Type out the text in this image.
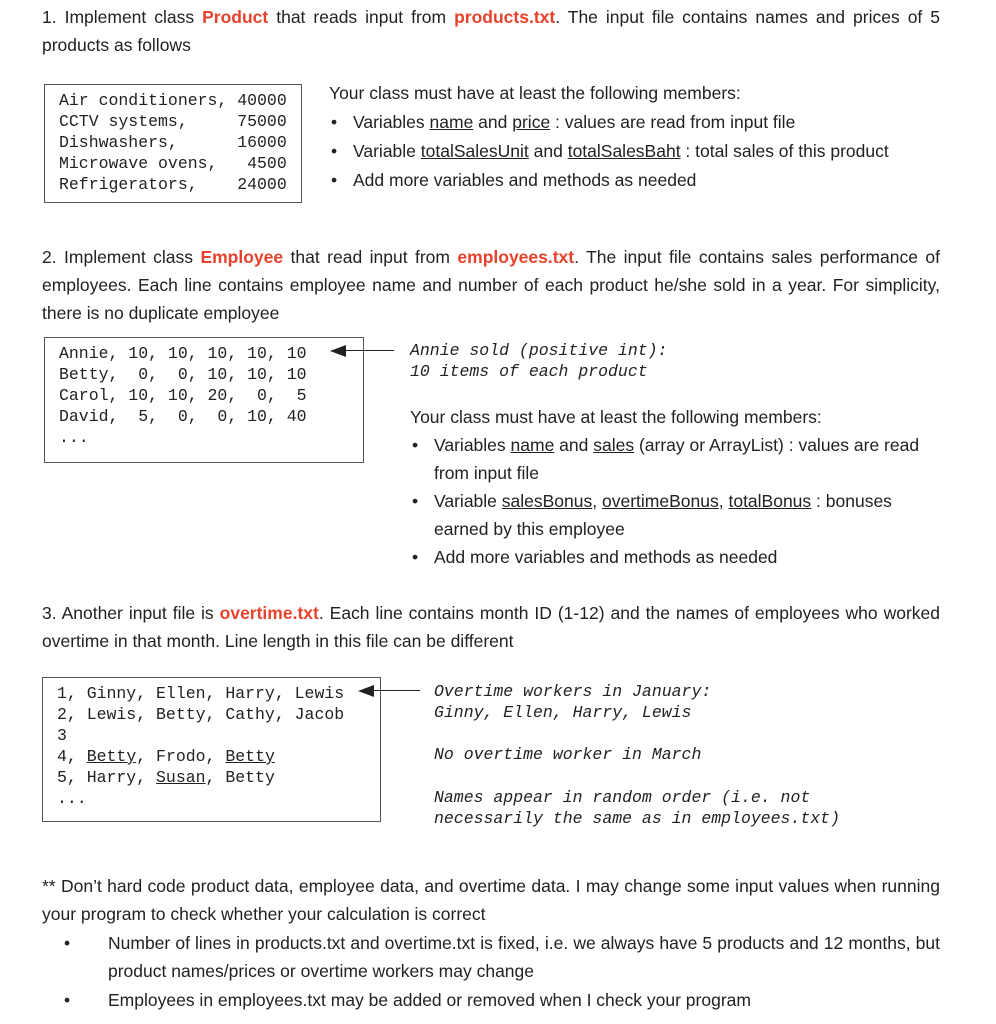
1. Implement class Product that reads input from products.txt. The input file contains names and prices of 5 products as follows
Air conditioners, 40000
CCTV systems,     75000
Dishwashers,      16000
Microwave ovens,   4500
Refrigerators,    24000
Your class must have at least the following members:
• Variables name and price : values are read from input file
• Variable totalSalesUnit and totalSalesBaht : total sales of this product
• Add more variables and methods as needed
2. Implement class Employee that read input from employees.txt. The input file contains sales performance of employees. Each line contains employee name and number of each product he/she sold in a year. For simplicity, there is no duplicate employee
Annie, 10, 10, 10, 10, 10
Betty,  0,  0, 10, 10, 10
Carol, 10, 10, 20,  0,  5
David,  5,  0,  0, 10, 40
...
Annie sold (positive int):
10 items of each product
Your class must have at least the following members:
• Variables name and sales (array or ArrayList) : values are read from input file
• Variable salesBonus, overtimeBonus, totalBonus : bonuses earned by this employee
• Add more variables and methods as needed
3. Another input file is overtime.txt. Each line contains month ID (1-12) and the names of employees who worked overtime in that month. Line length in this file can be different
1, Ginny, Ellen, Harry, Lewis
2, Lewis, Betty, Cathy, Jacob
3
4, Betty, Frodo, Betty
5, Harry, Susan, Betty
...
Overtime workers in January:
Ginny, Ellen, Harry, Lewis
No overtime worker in March
Names appear in random order (i.e. not
necessarily the same as in employees.txt)
** Don’t hard code product data, employee data, and overtime data. I may change some input values when running your program to check whether your calculation is correct
• Number of lines in products.txt and overtime.txt is fixed, i.e. we always have 5 products and 12 months, but product names/prices or overtime workers may change
• Employees in employees.txt may be added or removed when I check your program
